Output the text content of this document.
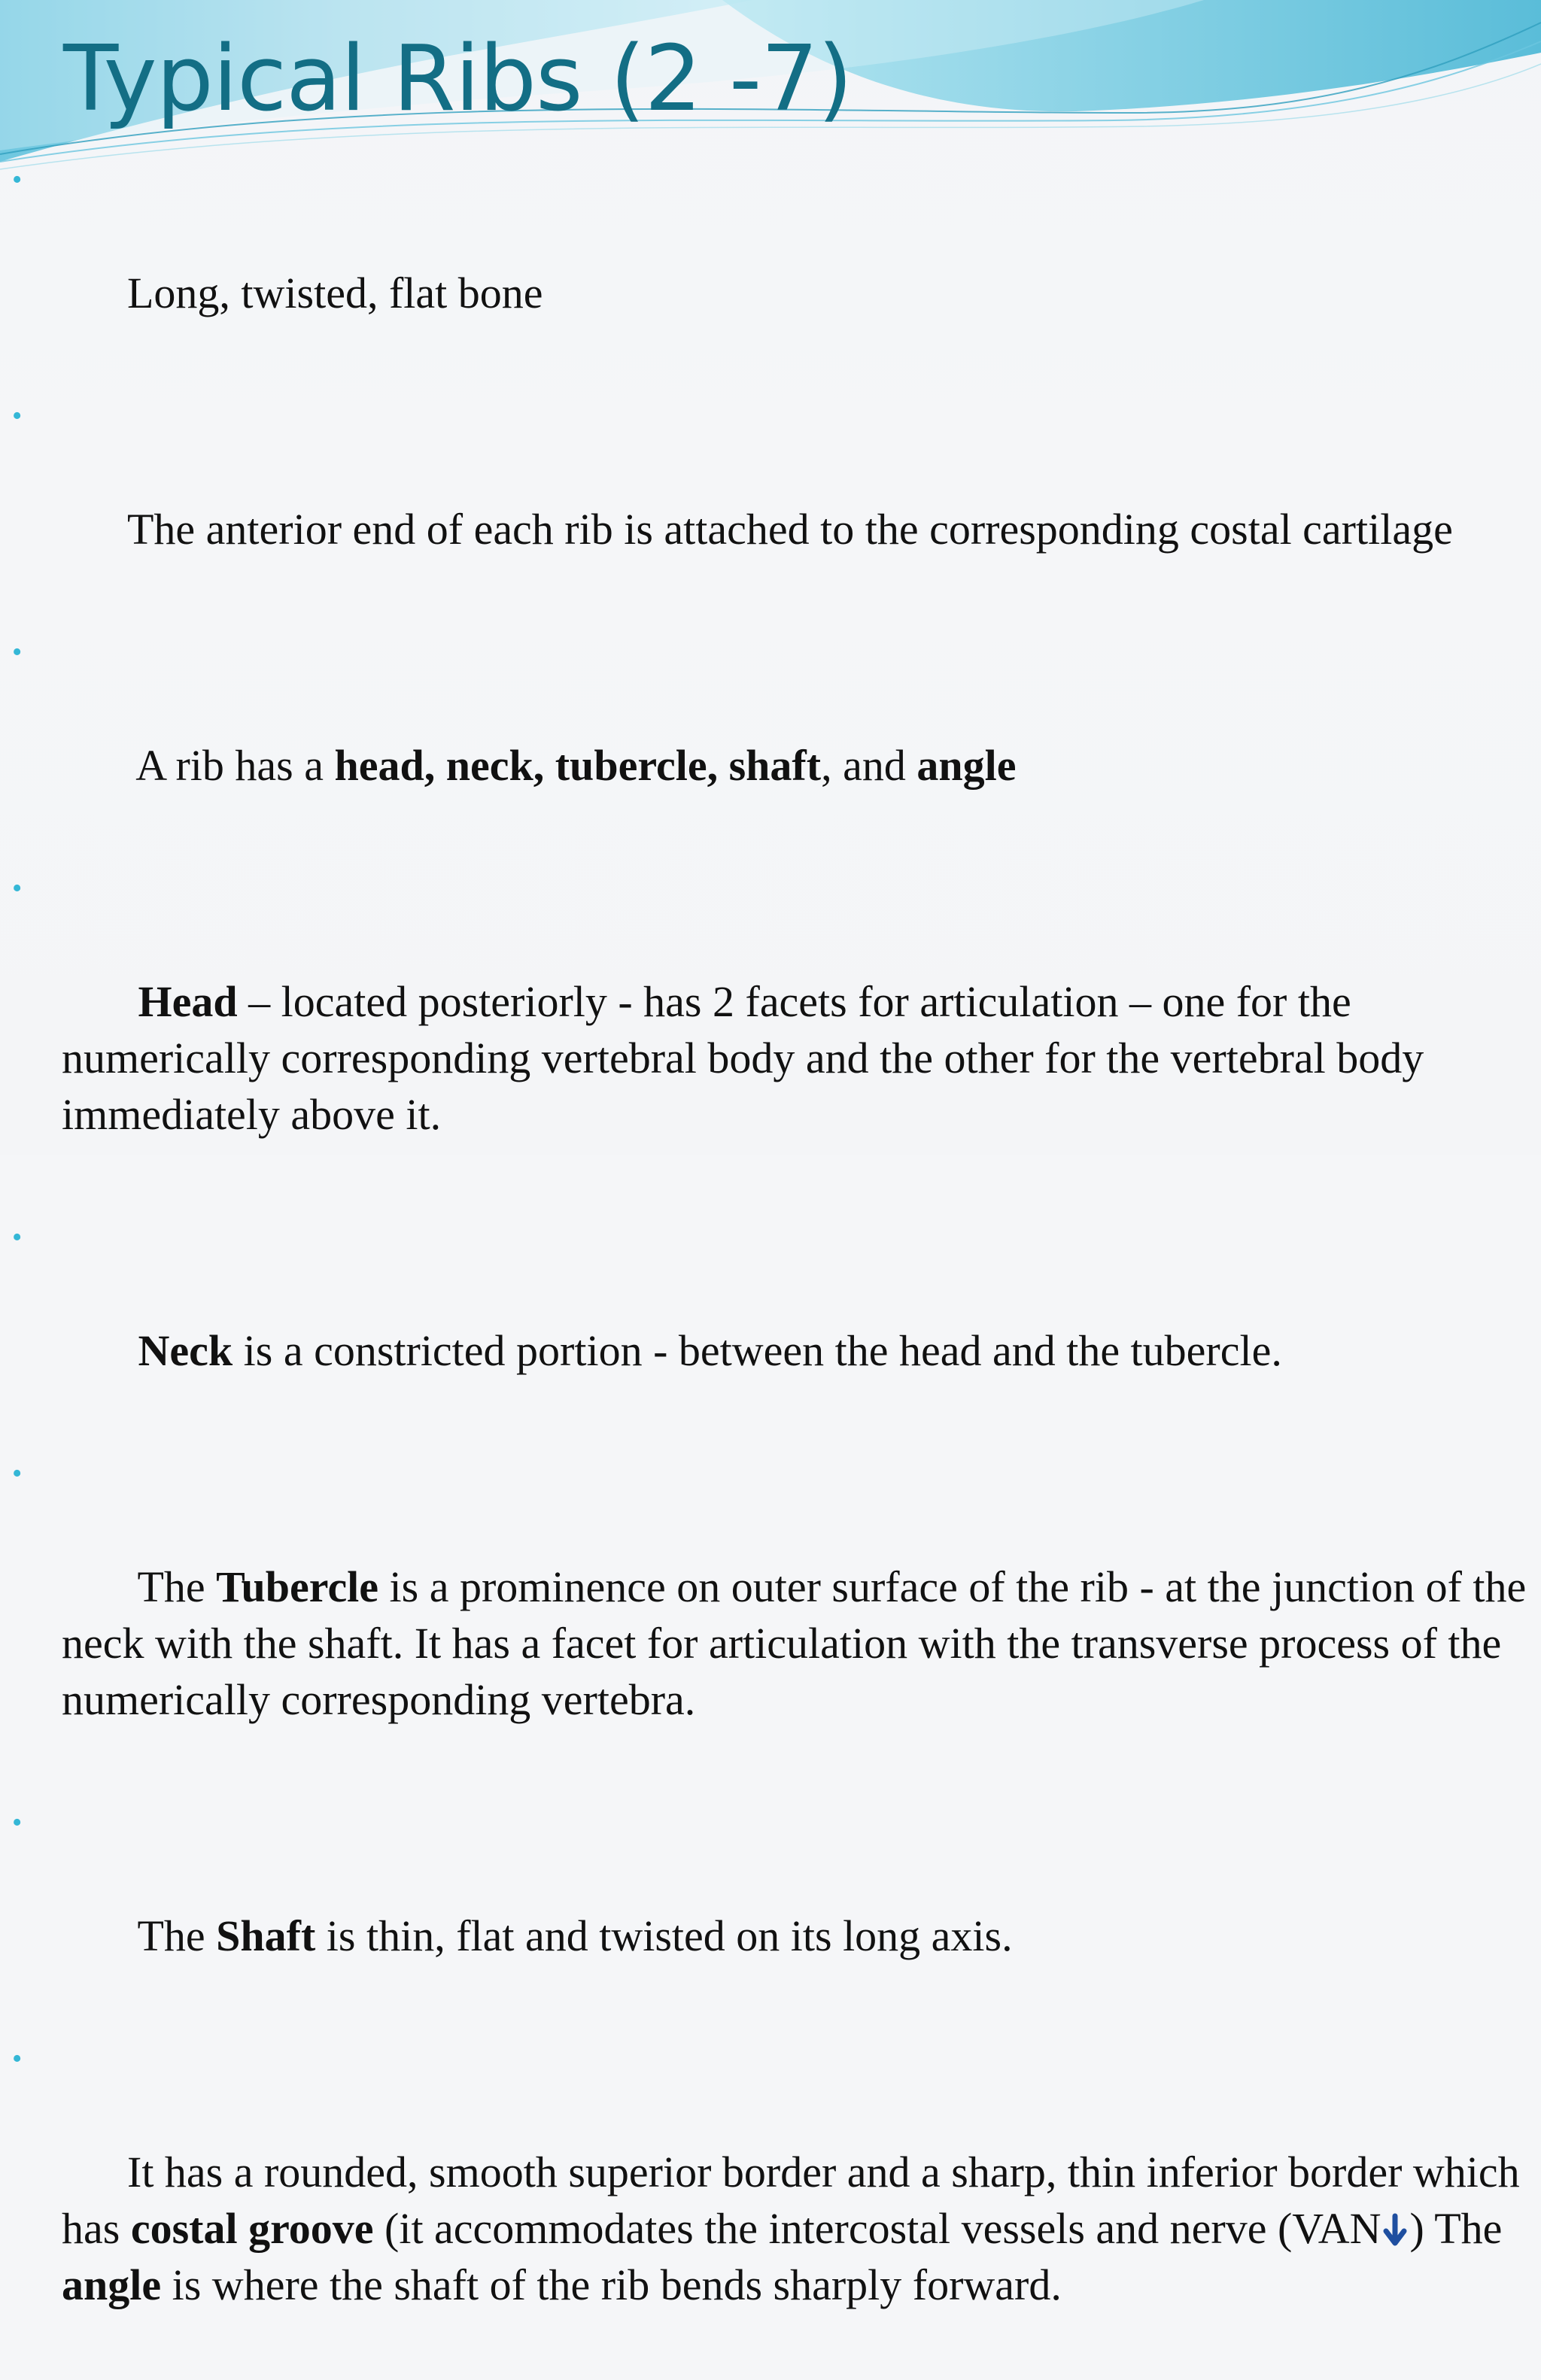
Typical Ribs (2 -7)

•

Long, twisted, flat bone

•

The anterior end of each rib is attached to the corresponding costal cartilage

•

A rib has a head, neck, tubercle, shaft, and angle

•

Head – located posteriorly - has 2 facets for articulation – one for the numerically corresponding vertebral body and the other for the vertebral body immediately above it.

•

Neck is a constricted portion - between the head and the tubercle.

•

The Tubercle is a prominence on outer surface of the rib - at the junction of the neck with the shaft. It has a facet for articulation with the transverse process of the numerically corresponding vertebra.

•

The Shaft is thin, flat and twisted on its long axis.

•

It has a rounded, smooth superior border and a sharp, thin inferior border which has costal groove (it accommodates the intercostal vessels and nerve (VAN ) The angle is where the shaft of the rib bends sharply forward.
